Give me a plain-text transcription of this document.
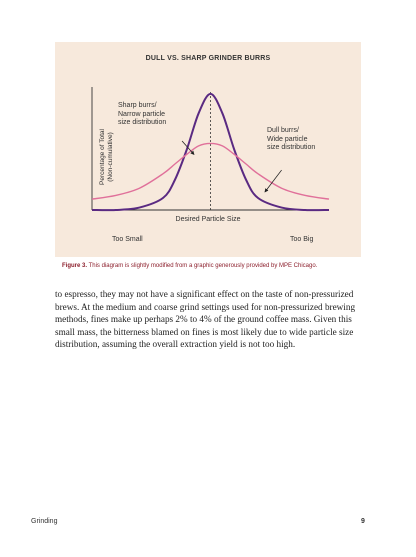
DULL VS. SHARP GRINDER BURRS
Percentage of Total (Non-cumulative)
Sharp burrs/
Narrow particle
size distribution
Dull burrs/
Wide particle
size distribution
Desired Particle Size
Too Small	Too Big
Figure 3. This diagram is slightly modified from a graphic generously provided by MPE Chicago.

to espresso, they may not have a significant effect on the taste of non-pressurized brews. At the medium and coarse grind settings used for non-pressurized brewing methods, fines make up perhaps 2% to 4% of the ground coffee mass. Given this small mass, the bitterness blamed on fines is most likely due to wide particle size distribution, assuming the overall extraction yield is not too high.

Grinding	9
